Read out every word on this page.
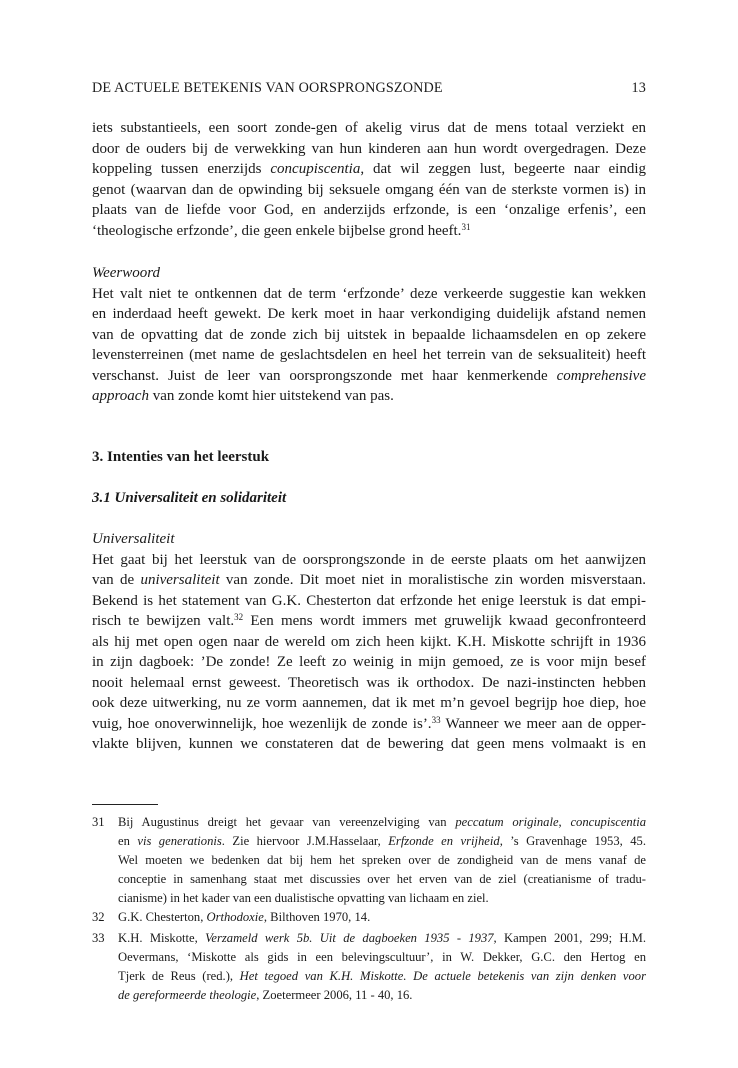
DE ACTUELE BETEKENIS VAN OORSPRONGSZONDE	13
iets substantieels, een soort zonde-gen of akelig virus dat de mens totaal verziekt en
door de ouders bij de verwekking van hun kinderen aan hun wordt overgedragen. Deze
koppeling tussen enerzijds concupiscentia, dat wil zeggen lust, begeerte naar eindig
genot (waarvan dan de opwinding bij seksuele omgang één van de sterkste vormen is) in
plaats van de liefde voor God, en anderzijds erfzonde, is een ‘onzalige erfenis’, een
‘theologische erfzonde’, die geen enkele bijbelse grond heeft.$^{31}$
Weerwoord
Het valt niet te ontkennen dat de term ‘erfzonde’ deze verkeerde suggestie kan wekken
en inderdaad heeft gewekt. De kerk moet in haar verkondiging duidelijk afstand nemen
van de opvatting dat de zonde zich bij uitstek in bepaalde lichaamsdelen en op zekere
levensterreinen (met name de geslachtsdelen en heel het terrein van de seksualiteit) heeft
verschanst. Juist de leer van oorsprongszonde met haar kenmerkende comprehensive
approach van zonde komt hier uitstekend van pas.
3. Intenties van het leerstuk
3.1 Universaliteit en solidariteit
Universaliteit
Het gaat bij het leerstuk van de oorsprongszonde in de eerste plaats om het aanwijzen
van de universaliteit van zonde. Dit moet niet in moralistische zin worden misverstaan.
Bekend is het statement van G.K. Chesterton dat erfzonde het enige leerstuk is dat empi-
risch te bewijzen valt.$^{32}$ Een mens wordt immers met gruwelijk kwaad geconfronteerd
als hij met open ogen naar de wereld om zich heen kijkt. K.H. Miskotte schrijft in 1936
in zijn dagboek: ’De zonde! Ze leeft zo weinig in mijn gemoed, ze is voor mijn besef
nooit helemaal ernst geweest. Theoretisch was ik orthodox. De nazi-instincten hebben
ook deze uitwerking, nu ze vorm aannemen, dat ik met m’n gevoel begrijp hoe diep, hoe
vuig, hoe onoverwinnelijk, hoe wezenlijk de zonde is’.$^{33}$ Wanneer we meer aan de opper-
vlakte blijven, kunnen we constateren dat de bewering dat geen mens volmaakt is en
31 Bij Augustinus dreigt het gevaar van vereenzelviging van peccatum originale, concupiscentia
en vis generationis. Zie hiervoor J.M.Hasselaar, Erfzonde en vrijheid, ’s Gravenhage 1953, 45.
Wel moeten we bedenken dat bij hem het spreken over de zondigheid van de mens vanaf de
conceptie in samenhang staat met discussies over het erven van de ziel (creatianisme of tradu-
cianisme) in het kader van een dualistische opvatting van lichaam en ziel.
32 G.K. Chesterton, Orthodoxie, Bilthoven 1970, 14.
33 K.H. Miskotte, Verzameld werk 5b. Uit de dagboeken 1935 - 1937, Kampen 2001, 299; H.M.
Oevermans, ‘Miskotte als gids in een belevingscultuur’, in W. Dekker, G.C. den Hertog en
Tjerk de Reus (red.), Het tegoed van K.H. Miskotte. De actuele betekenis van zijn denken voor
de gereformeerde theologie, Zoetermeer 2006, 11 - 40, 16.
